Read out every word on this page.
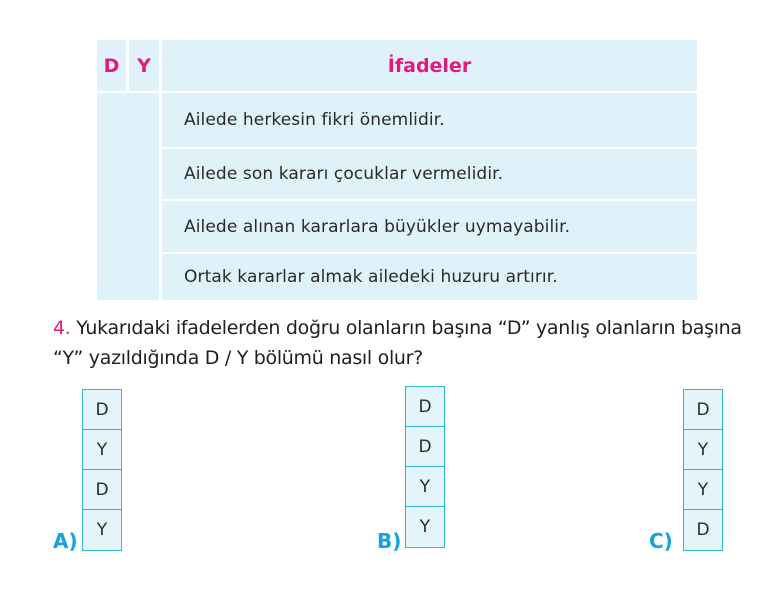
D Y	İfadeler
Ailede herkesin fikri önemlidir.
Ailede son kararı çocuklar vermelidir.
Ailede alınan kararlara büyükler uymayabilir.
Ortak kararlar almak ailedeki huzuru artırır.
4. Yukarıdaki ifadelerden doğru olanların başına “D” yanlış olanların başına “Y” yazıldığında D / Y bölümü nasıl olur?
A)
D
Y
D
Y	B)
D
D
Y
Y
C)
D
Y
Y
D
